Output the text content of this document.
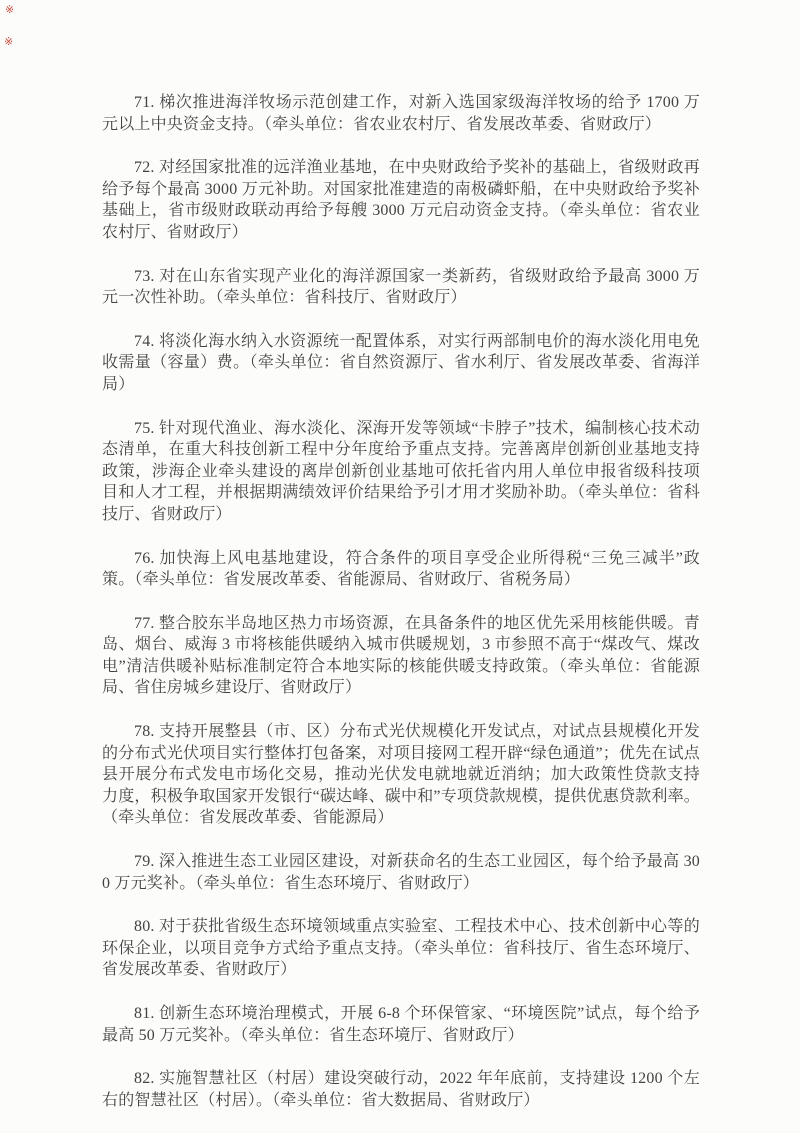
※
※

71. 梯次推进海洋牧场示范创建工作，对新入选国家级海洋牧场的给予 1700 万元以上中央资金支持。（牵头单位：省农业农村厅、省发展改革委、省财政厅）

72. 对经国家批准的远洋渔业基地，在中央财政给予奖补的基础上，省级财政再给予每个最高 3000 万元补助。对国家批准建造的南极磷虾船，在中央财政给予奖补基础上，省市级财政联动再给予每艘 3000 万元启动资金支持。（牵头单位：省农业农村厅、省财政厅）

73. 对在山东省实现产业化的海洋源国家一类新药，省级财政给予最高 3000 万元一次性补助。（牵头单位：省科技厅、省财政厅）

74. 将淡化海水纳入水资源统一配置体系，对实行两部制电价的海水淡化用电免收需量（容量）费。（牵头单位：省自然资源厅、省水利厅、省发展改革委、省海洋局）

75. 针对现代渔业、海水淡化、深海开发等领域“卡脖子”技术，编制核心技术动态清单，在重大科技创新工程中分年度给予重点支持。完善离岸创新创业基地支持政策，涉海企业牵头建设的离岸创新创业基地可依托省内用人单位申报省级科技项目和人才工程，并根据期满绩效评价结果给予引才用才奖励补助。（牵头单位：省科技厅、省财政厅）

76. 加快海上风电基地建设，符合条件的项目享受企业所得税“三免三减半”政策。（牵头单位：省发展改革委、省能源局、省财政厅、省税务局）

77. 整合胶东半岛地区热力市场资源，在具备条件的地区优先采用核能供暖。青岛、烟台、威海 3 市将核能供暖纳入城市供暖规划，3 市参照不高于“煤改气、煤改电”清洁供暖补贴标准制定符合本地实际的核能供暖支持政策。（牵头单位：省能源局、省住房城乡建设厅、省财政厅）

78. 支持开展整县（市、区）分布式光伏规模化开发试点，对试点县规模化开发的分布式光伏项目实行整体打包备案，对项目接网工程开辟“绿色通道”；优先在试点县开展分布式发电市场化交易，推动光伏发电就地就近消纳；加大政策性贷款支持力度，积极争取国家开发银行“碳达峰、碳中和”专项贷款规模，提供优惠贷款利率。（牵头单位：省发展改革委、省能源局）

79. 深入推进生态工业园区建设，对新获命名的生态工业园区，每个给予最高 300 万元奖补。（牵头单位：省生态环境厅、省财政厅）

80. 对于获批省级生态环境领域重点实验室、工程技术中心、技术创新中心等的环保企业，以项目竞争方式给予重点支持。（牵头单位：省科技厅、省生态环境厅、省发展改革委、省财政厅）

81. 创新生态环境治理模式，开展 6-8 个环保管家、“环境医院”试点，每个给予最高 50 万元奖补。（牵头单位：省生态环境厅、省财政厅）

82. 实施智慧社区（村居）建设突破行动，2022 年年底前，支持建设 1200 个左右的智慧社区（村居）。（牵头单位：省大数据局、省财政厅）
